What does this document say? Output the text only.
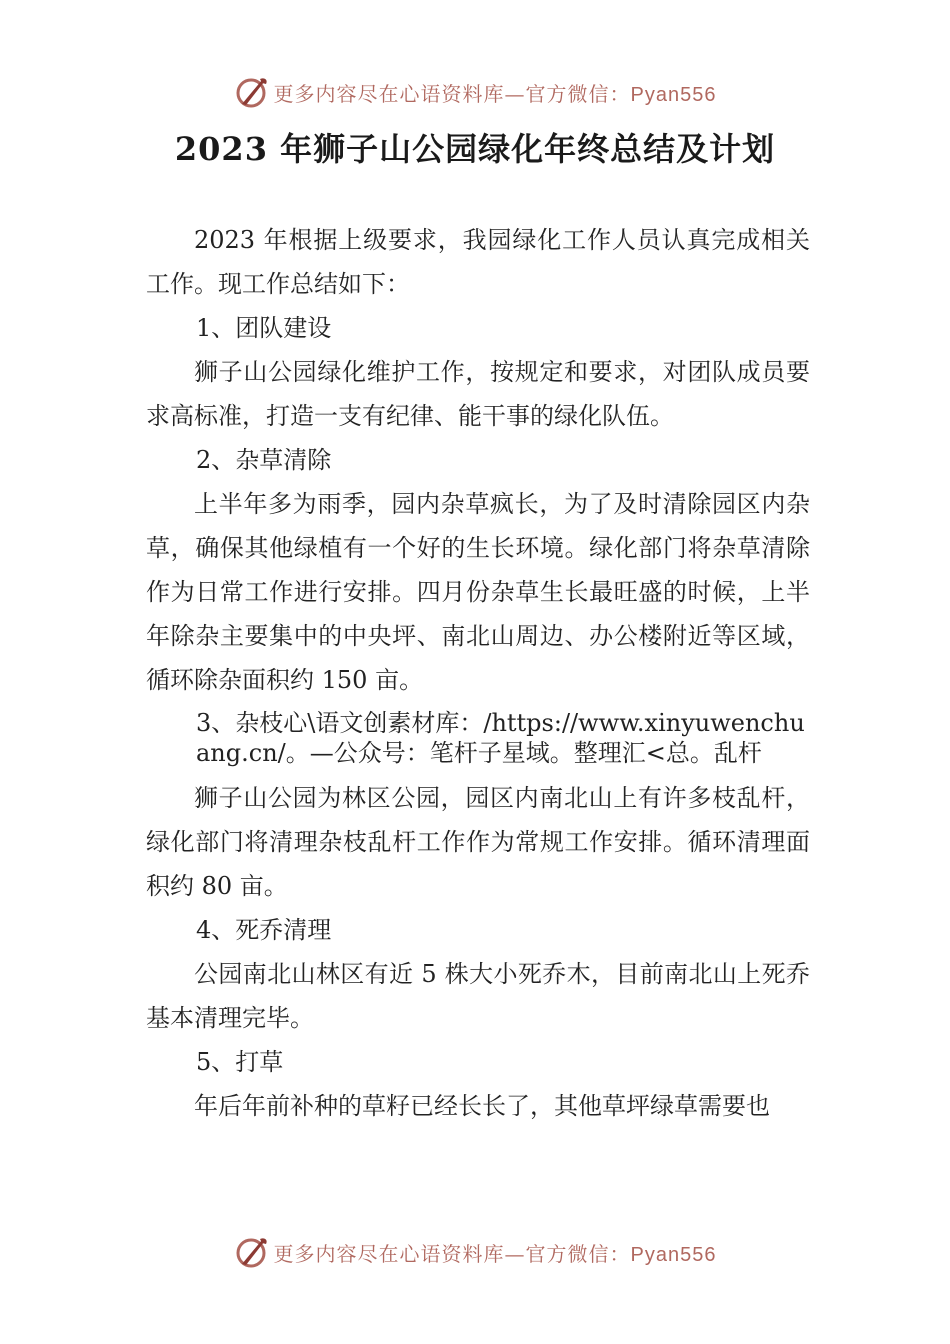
更多内容尽在心语资料库—官方微信：Pyan556
2023 年狮子山公园绿化年终总结及计划

2023 年根据上级要求，我园绿化工作人员认真完成相关工作。现工作总结如下：

1、团队建设

狮子山公园绿化维护工作，按规定和要求，对团队成员要求高标准，打造一支有纪律、能干事的绿化队伍。

2、杂草清除

上半年多为雨季，园内杂草疯长，为了及时清除园区内杂草，确保其他绿植有一个好的生长环境。绿化部门将杂草清除作为日常工作进行安排。四月份杂草生长最旺盛的时候，上半年除杂主要集中的中央坪、南北山周边、办公楼附近等区域，循环除杂面积约 150 亩。

3、杂枝心\语文创素材库：/https://www.xinyuwenchuang.cn/。—公众号：笔杆子星域。整理汇<总。乱杆

狮子山公园为林区公园，园区内南北山上有许多枝乱杆，绿化部门将清理杂枝乱杆工作作为常规工作安排。循环清理面积约 80 亩。

4、死乔清理

公园南北山林区有近 5 株大小死乔木，目前南北山上死乔基本清理完毕。

5、打草

年后年前补种的草籽已经长长了，其他草坪绿草需要也

更多内容尽在心语资料库—官方微信：Pyan556
